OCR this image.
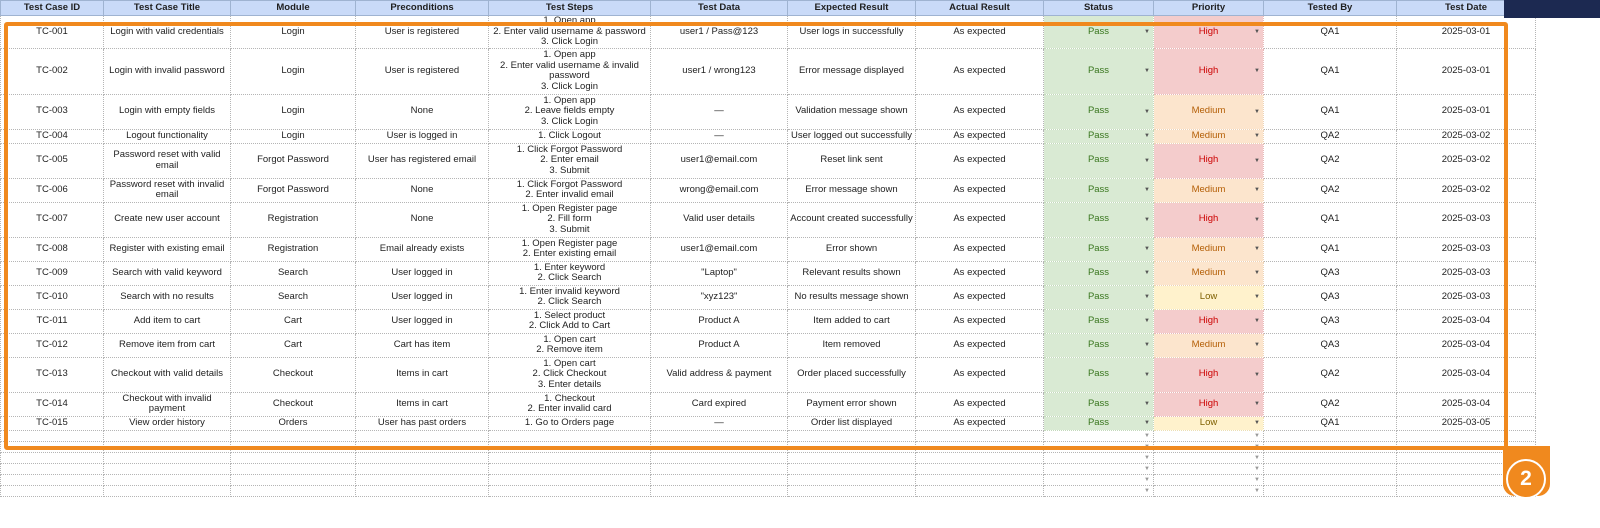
Test Case ID	Test Case Title	Module	Preconditions	Test Steps	Test Data	Expected Result	Actual Result	Status	Priority	Tested By	Test Date
TC-001	Login with valid credentials	Login	User is registered	1. Open app
2. Enter valid username & password
3. Click Login	user1 / Pass@123	User logs in successfully	As expected	Pass ▼	High ▼	QA1	2025-03-01
TC-002	Login with invalid password	Login	User is registered	1. Open app
2. Enter valid username & invalid password
3. Click Login	user1 / wrong123	Error message displayed	As expected	Pass ▼	High ▼	QA1	2025-03-01
TC-003	Login with empty fields	Login	None	1. Open app
2. Leave fields empty
3. Click Login	—	Validation message shown	As expected	Pass ▼	Medium ▼	QA1	2025-03-01
TC-004	Logout functionality	Login	User is logged in	1. Click Logout	—	User logged out successfully	As expected	Pass ▼	Medium ▼	QA2	2025-03-02
TC-005	Password reset with valid email	Forgot Password	User has registered email	1. Click Forgot Password
2. Enter email
3. Submit	user1@email.com	Reset link sent	As expected	Pass ▼	High ▼	QA2	2025-03-02
TC-006	Password reset with invalid email	Forgot Password	None	1. Click Forgot Password
2. Enter invalid email	wrong@email.com	Error message shown	As expected	Pass ▼	Medium ▼	QA2	2025-03-02
TC-007	Create new user account	Registration	None	1. Open Register page
2. Fill form
3. Submit	Valid user details	Account created successfully	As expected	Pass ▼	High ▼	QA1	2025-03-03
TC-008	Register with existing email	Registration	Email already exists	1. Open Register page
2. Enter existing email	user1@email.com	Error shown	As expected	Pass ▼	Medium ▼	QA1	2025-03-03
TC-009	Search with valid keyword	Search	User logged in	1. Enter keyword
2. Click Search	"Laptop"	Relevant results shown	As expected	Pass ▼	Medium ▼	QA3	2025-03-03
TC-010	Search with no results	Search	User logged in	1. Enter invalid keyword
2. Click Search	"xyz123"	No results message shown	As expected	Pass ▼	Low ▼	QA3	2025-03-03
TC-011	Add item to cart	Cart	User logged in	1. Select product
2. Click Add to Cart	Product A	Item added to cart	As expected	Pass ▼	High ▼	QA3	2025-03-04
TC-012	Remove item from cart	Cart	Cart has item	1. Open cart
2. Remove item	Product A	Item removed	As expected	Pass ▼	Medium ▼	QA3	2025-03-04
TC-013	Checkout with valid details	Checkout	Items in cart	1. Open cart
2. Click Checkout
3. Enter details	Valid address & payment	Order placed successfully	As expected	Pass ▼	High ▼	QA2	2025-03-04
TC-014	Checkout with invalid payment	Checkout	Items in cart	1. Checkout
2. Enter invalid card	Card expired	Payment error shown	As expected	Pass ▼	High ▼	QA2	2025-03-04
TC-015	View order history	Orders	User has past orders	1. Go to Orders page	—	Order list displayed	As expected	Pass ▼	Low ▼	QA1	2025-03-05

								▼	▼		

								▼	▼		

								▼	▼		

								▼	▼		

								▼	▼		

								▼	▼		

2
